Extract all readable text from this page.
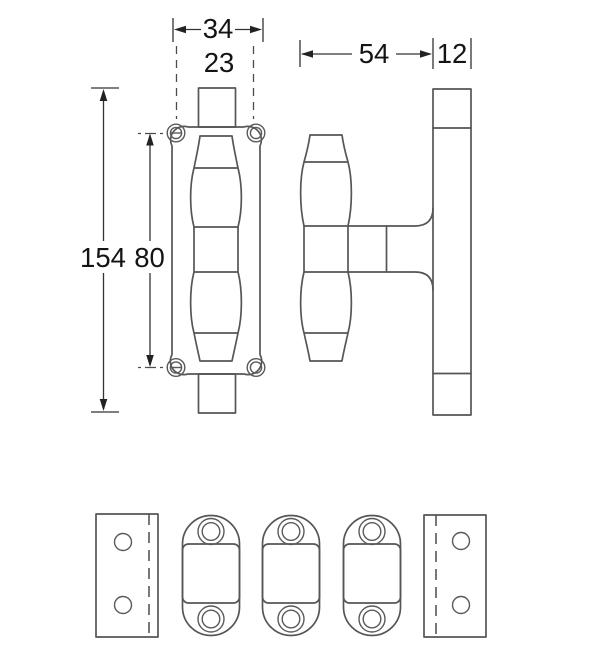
34
23	54 12
154 80
